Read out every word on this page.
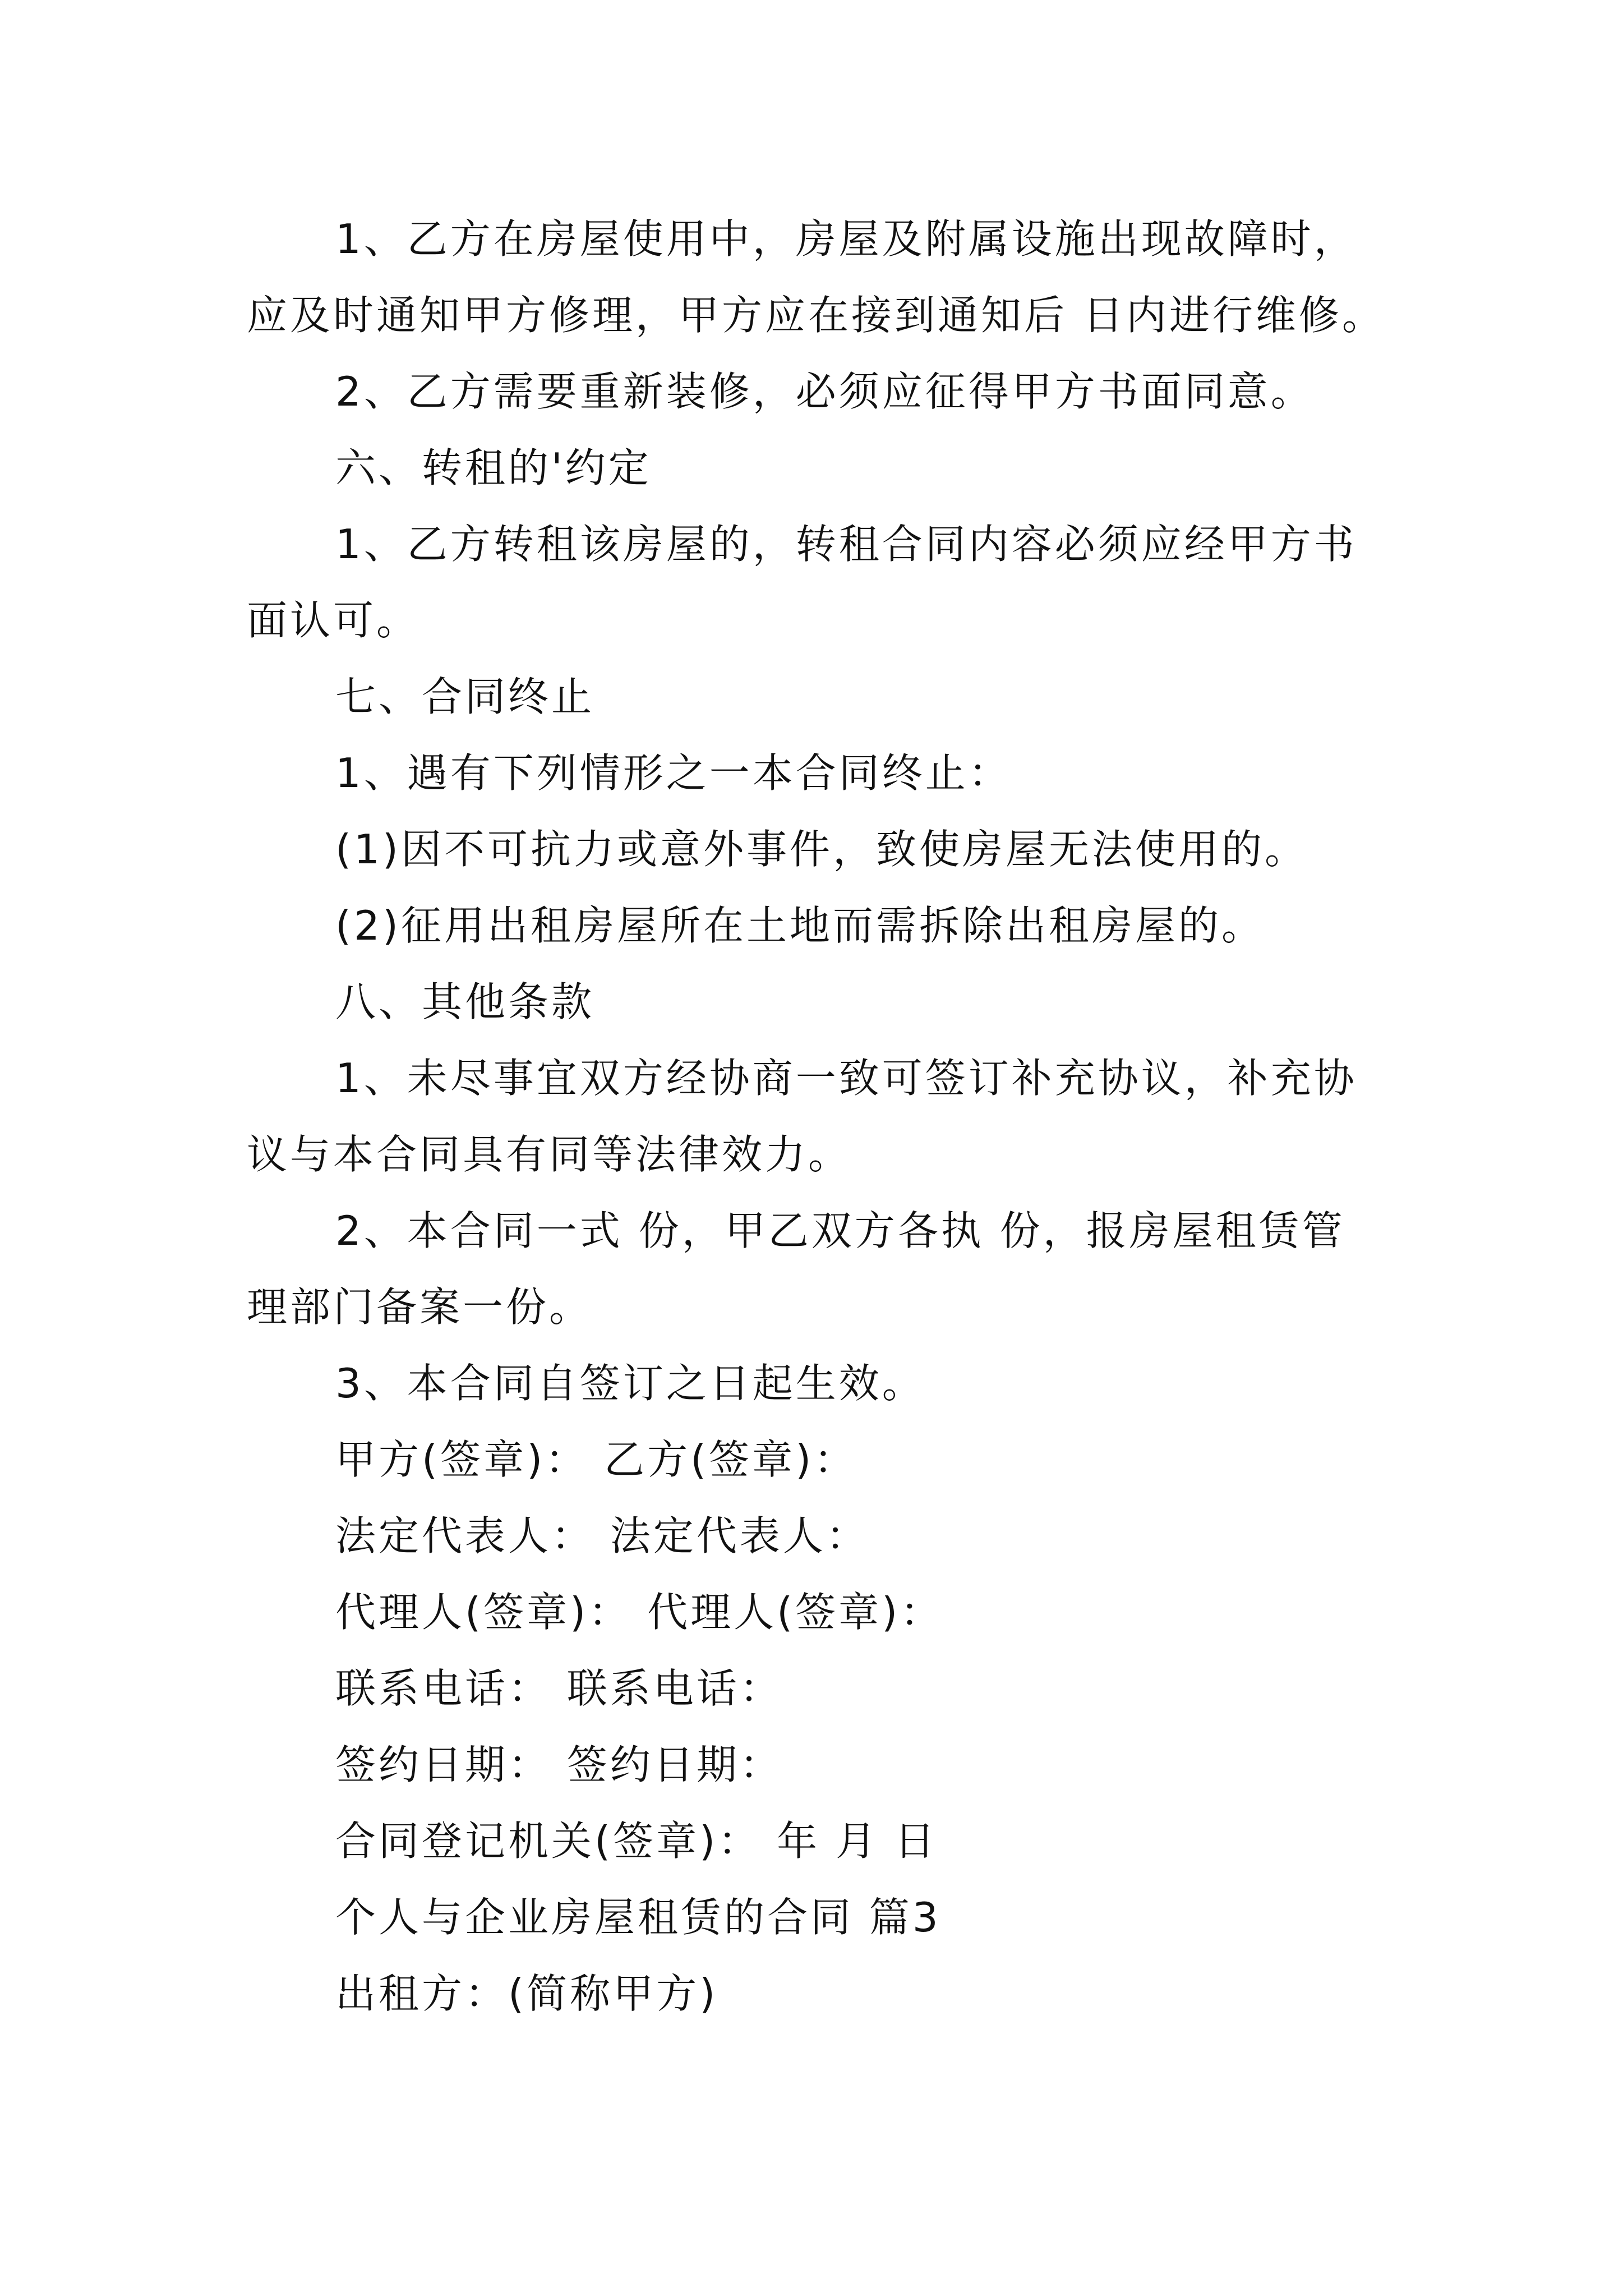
1、乙方在房屋使用中，房屋及附属设施出现故障时，
应及时通知甲方修理，甲方应在接到通知后 日内进行维修。
2、乙方需要重新装修，必须应征得甲方书面同意。
六、转租的'约定
1、乙方转租该房屋的，转租合同内容必须应经甲方书
面认可。
七、合同终止
1、遇有下列情形之一本合同终止：
(1)因不可抗力或意外事件，致使房屋无法使用的。
(2)征用出租房屋所在土地而需拆除出租房屋的。
八、其他条款
1、未尽事宜双方经协商一致可签订补充协议，补充协
议与本合同具有同等法律效力。
2、本合同一式 份，甲乙双方各执 份，报房屋租赁管
理部门备案一份。
3、本合同自签订之日起生效。
甲方(签章)： 乙方(签章)：
法定代表人： 法定代表人：
代理人(签章)： 代理人(签章)：
联系电话： 联系电话：
签约日期： 签约日期：
合同登记机关(签章)： 年 月 日
个人与企业房屋租赁的合同 篇3
出租方：(简称甲方)
